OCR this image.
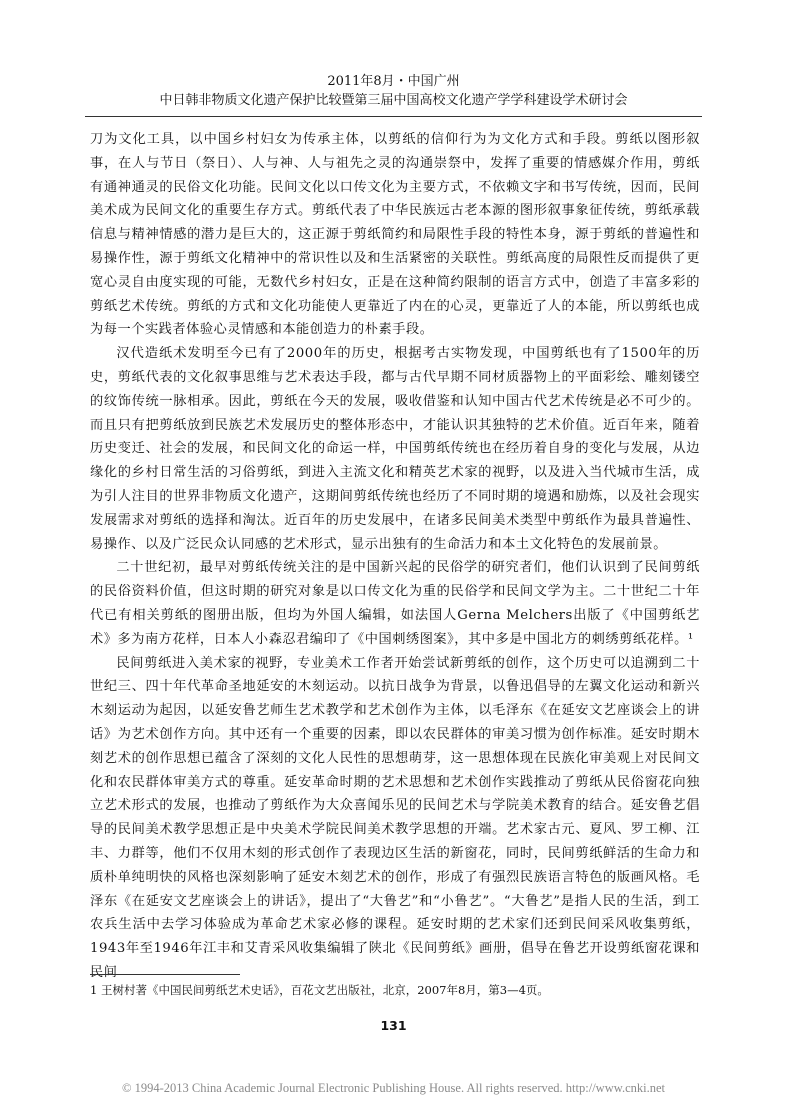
2011年8月・中国广州
中日韩非物质文化遗产保护比较暨第三届中国高校文化遗产学学科建设学术研讨会

刀为文化工具，以中国乡村妇女为传承主体，以剪纸的信仰行为为文化方式和手段。剪纸以图形叙事，在人与节日（祭日）、人与神、人与祖先之灵的沟通崇祭中，发挥了重要的情感媒介作用，剪纸有通神通灵的民俗文化功能。民间文化以口传文化为主要方式，不依赖文字和书写传统，因而，民间美术成为民间文化的重要生存方式。剪纸代表了中华民族远古老本源的图形叙事象征传统，剪纸承载信息与精神情感的潜力是巨大的，这正源于剪纸简约和局限性手段的特性本身，源于剪纸的普遍性和易操作性，源于剪纸文化精神中的常识性以及和生活紧密的关联性。剪纸高度的局限性反而提供了更宽心灵自由度实现的可能，无数代乡村妇女，正是在这种简约限制的语言方式中，创造了丰富多彩的剪纸艺术传统。剪纸的方式和文化功能使人更靠近了内在的心灵，更靠近了人的本能，所以剪纸也成为每一个实践者体验心灵情感和本能创造力的朴素手段。

汉代造纸术发明至今已有了2000年的历史，根据考古实物发现，中国剪纸也有了1500年的历史，剪纸代表的文化叙事思维与艺术表达手段，都与古代早期不同材质器物上的平面彩绘、雕刻镂空的纹饰传统一脉相承。因此，剪纸在今天的发展，吸收借鉴和认知中国古代艺术传统是必不可少的。而且只有把剪纸放到民族艺术发展历史的整体形态中，才能认识其独特的艺术价值。近百年来，随着历史变迁、社会的发展，和民间文化的命运一样，中国剪纸传统也在经历着自身的变化与发展，从边缘化的乡村日常生活的习俗剪纸，到进入主流文化和精英艺术家的视野，以及进入当代城市生活，成为引人注目的世界非物质文化遗产，这期间剪纸传统也经历了不同时期的境遇和励炼，以及社会现实发展需求对剪纸的选择和淘汰。近百年的历史发展中，在诸多民间美术类型中剪纸作为最具普遍性、易操作、以及广泛民众认同感的艺术形式，显示出独有的生命活力和本土文化特色的发展前景。

二十世纪初，最早对剪纸传统关注的是中国新兴起的民俗学的研究者们，他们认识到了民间剪纸的民俗资料价值，但这时期的研究对象是以口传文化为重的民俗学和民间文学为主。二十世纪二十年代已有相关剪纸的图册出版，但均为外国人编辑，如法国人Gerna Melchers出版了《中国剪纸艺术》多为南方花样，日本人小森忍君编印了《中国刺绣图案》，其中多是中国北方的刺绣剪纸花样。¹

民间剪纸进入美术家的视野，专业美术工作者开始尝试新剪纸的创作，这个历史可以追溯到二十世纪三、四十年代革命圣地延安的木刻运动。以抗日战争为背景，以鲁迅倡导的左翼文化运动和新兴木刻运动为起因，以延安鲁艺师生艺术教学和艺术创作为主体，以毛泽东《在延安文艺座谈会上的讲话》为艺术创作方向。其中还有一个重要的因素，即以农民群体的审美习惯为创作标准。延安时期木刻艺术的创作思想已蕴含了深刻的文化人民性的思想萌芽，这一思想体现在民族化审美观上对民间文化和农民群体审美方式的尊重。延安革命时期的艺术思想和艺术创作实践推动了剪纸从民俗窗花向独立艺术形式的发展，也推动了剪纸作为大众喜闻乐见的民间艺术与学院美术教育的结合。延安鲁艺倡导的民间美术教学思想正是中央美术学院民间美术教学思想的开端。艺术家古元、夏风、罗工柳、江丰、力群等，他们不仅用木刻的形式创作了表现边区生活的新窗花，同时，民间剪纸鲜活的生命力和质朴单纯明快的风格也深刻影响了延安木刻艺术的创作，形成了有强烈民族语言特色的版画风格。毛泽东《在延安文艺座谈会上的讲话》，提出了“大鲁艺”和“小鲁艺”。“大鲁艺”是指人民的生活，到工农兵生活中去学习体验成为革命艺术家必修的课程。延安时期的艺术家们还到民间采风收集剪纸，1943年至1946年江丰和艾青采风收集编辑了陕北《民间剪纸》画册，倡导在鲁艺开设剪纸窗花课和民间

1 王树村著《中国民间剪纸艺术史话》，百花文艺出版社，北京，2007年8月，第3—4页。
131
© 1994-2013 China Academic Journal Electronic Publishing House. All rights reserved. http://www.cnki.net
